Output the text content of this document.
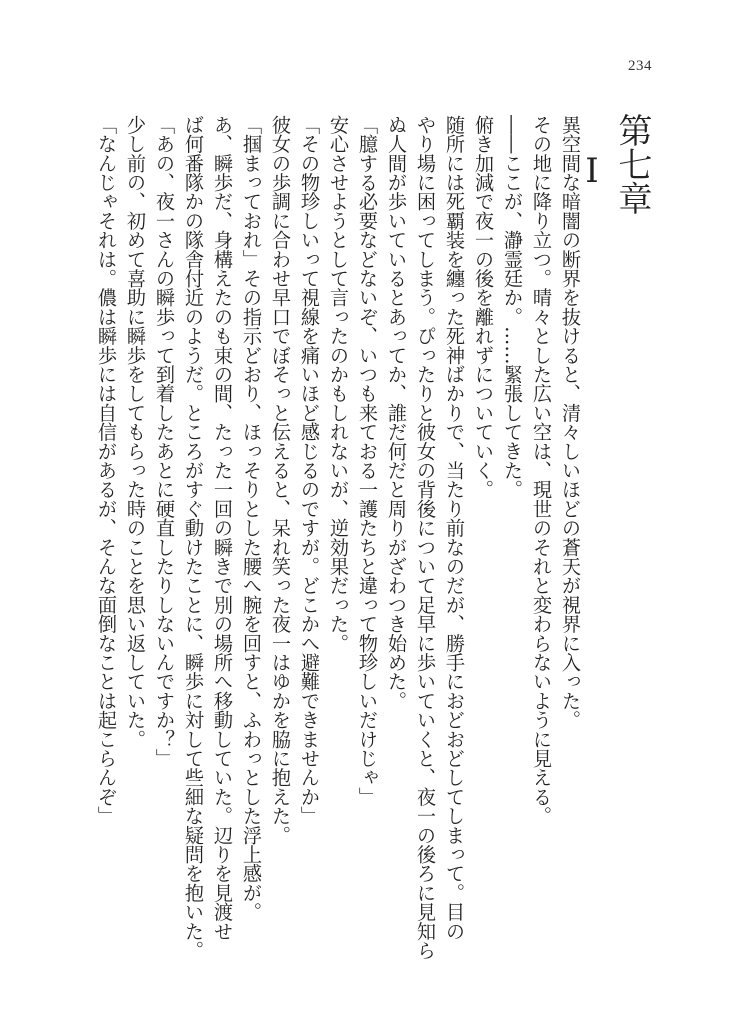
234
第七章Ⅰ

異空間な暗闇の断界を抜けると、清々しいほどの蒼天が視界に入った。

その地に降り立つ。晴々とした広い空は、現世のそれと変わらないように見える。

――ここが、瀞霊廷か。……緊張してきた。

俯き加減で夜一の後を離れずについていく。

随所には死覇装を纏った死神ばかりで、当たり前なのだが、勝手におどおどしてしまって。目の

やり場に困ってしまう。ぴったりと彼女の背後について足早に歩いていくと、夜一の後ろに見知ら

ぬ人間が歩いているとあってか、誰だ何だと周りがざわつき始めた。

「臆する必要などないぞ、いつも来ておる一護たちと違って物珍しいだけじゃ」

安心させようとして言ったのかもしれないが、逆効果だった。

「その物珍しいって視線を痛いほど感じるのですが。どこかへ避難できませんか」

彼女の歩調に合わせ早口でぼそっと伝えると、呆れ笑った夜一はゆかを脇に抱えた。

「掴まっておれ」その指示どおり、ほっそりとした腰へ腕を回すと、ふわっとした浮上感が。

あ、瞬歩だ、身構えたのも束の間、たった一回の瞬きで別の場所へ移動していた。辺りを見渡せ

ば何番隊かの隊舎付近のようだ。ところがすぐ動けたことに、瞬歩に対して些細な疑問を抱いた。

「あの、夜一さんの瞬歩って到着したあとに硬直したりしないんですか？」

少し前の、初めて喜助に瞬歩をしてもらった時のことを思い返していた。

「なんじゃそれは。儂は瞬歩には自信があるが、そんな面倒なことは起こらんぞ」
